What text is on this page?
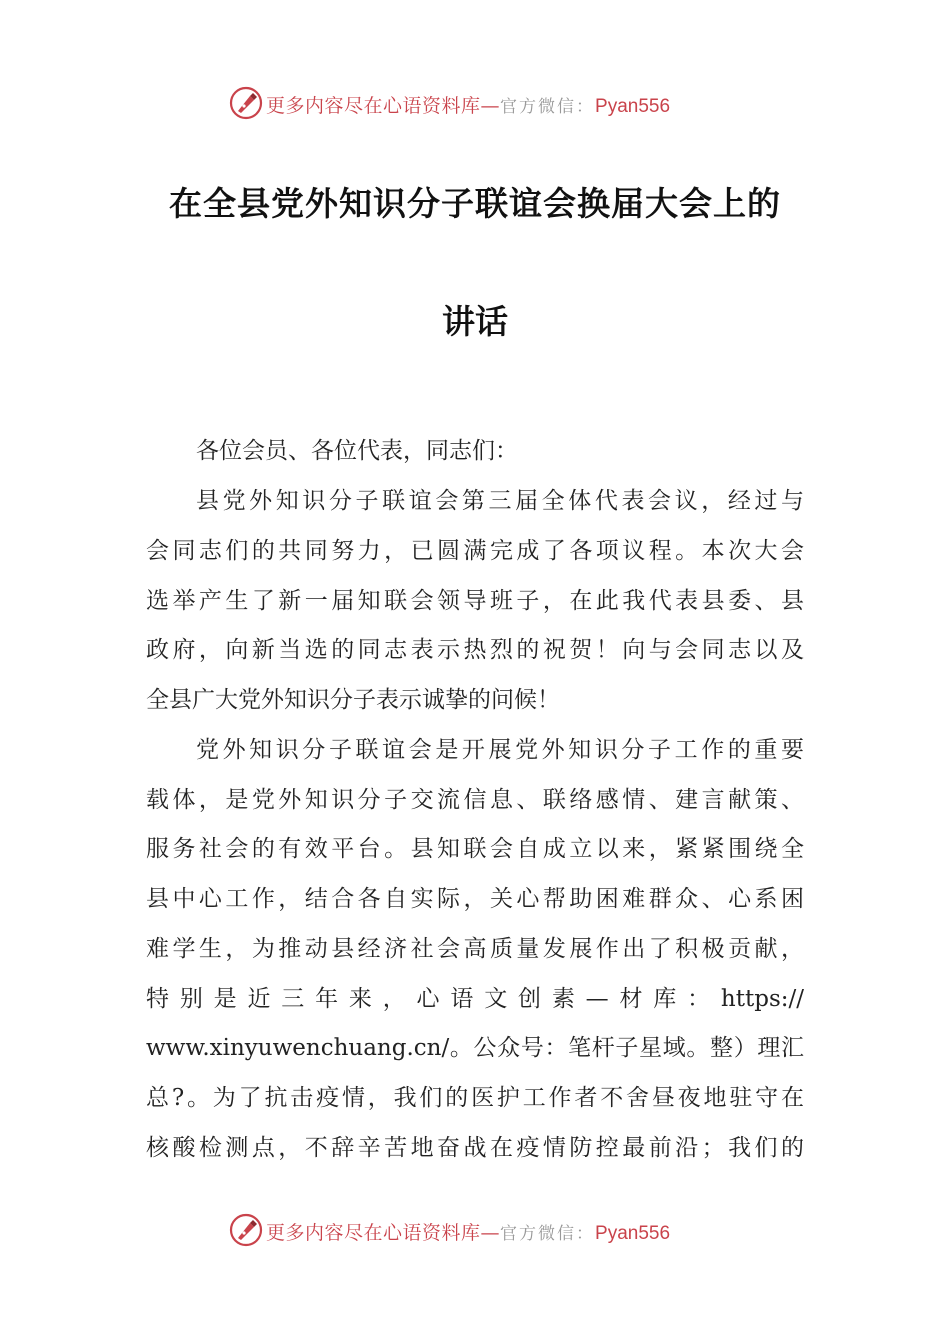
更多内容尽在心语资料库—官方微信：Pyan556
在全县党外知识分子联谊会换届大会上的
讲话
各位会员、各位代表，同志们：
县党外知识分子联谊会第三届全体代表会议，经过与
会同志们的共同努力，已圆满完成了各项议程。本次大会
选举产生了新一届知联会领导班子，在此我代表县委、县
政府，向新当选的同志表示热烈的祝贺！向与会同志以及
全县广大党外知识分子表示诚挚的问候！
党外知识分子联谊会是开展党外知识分子工作的重要
载体，是党外知识分子交流信息、联络感情、建言献策、
服务社会的有效平台。县知联会自成立以来，紧紧围绕全
县中心工作，结合各自实际，关心帮助困难群众、心系困
难学生，为推动县经济社会高质量发展作出了积极贡献，
特别是近三年来，心语文创素—材库：https://
www.xinyuwenchuang.cn/。公众号：笔杆子星域。整）理汇
总?。为了抗击疫情，我们的医护工作者不舍昼夜地驻守在
核酸检测点，不辞辛苦地奋战在疫情防控最前沿；我们的
更多内容尽在心语资料库—官方微信：Pyan556
